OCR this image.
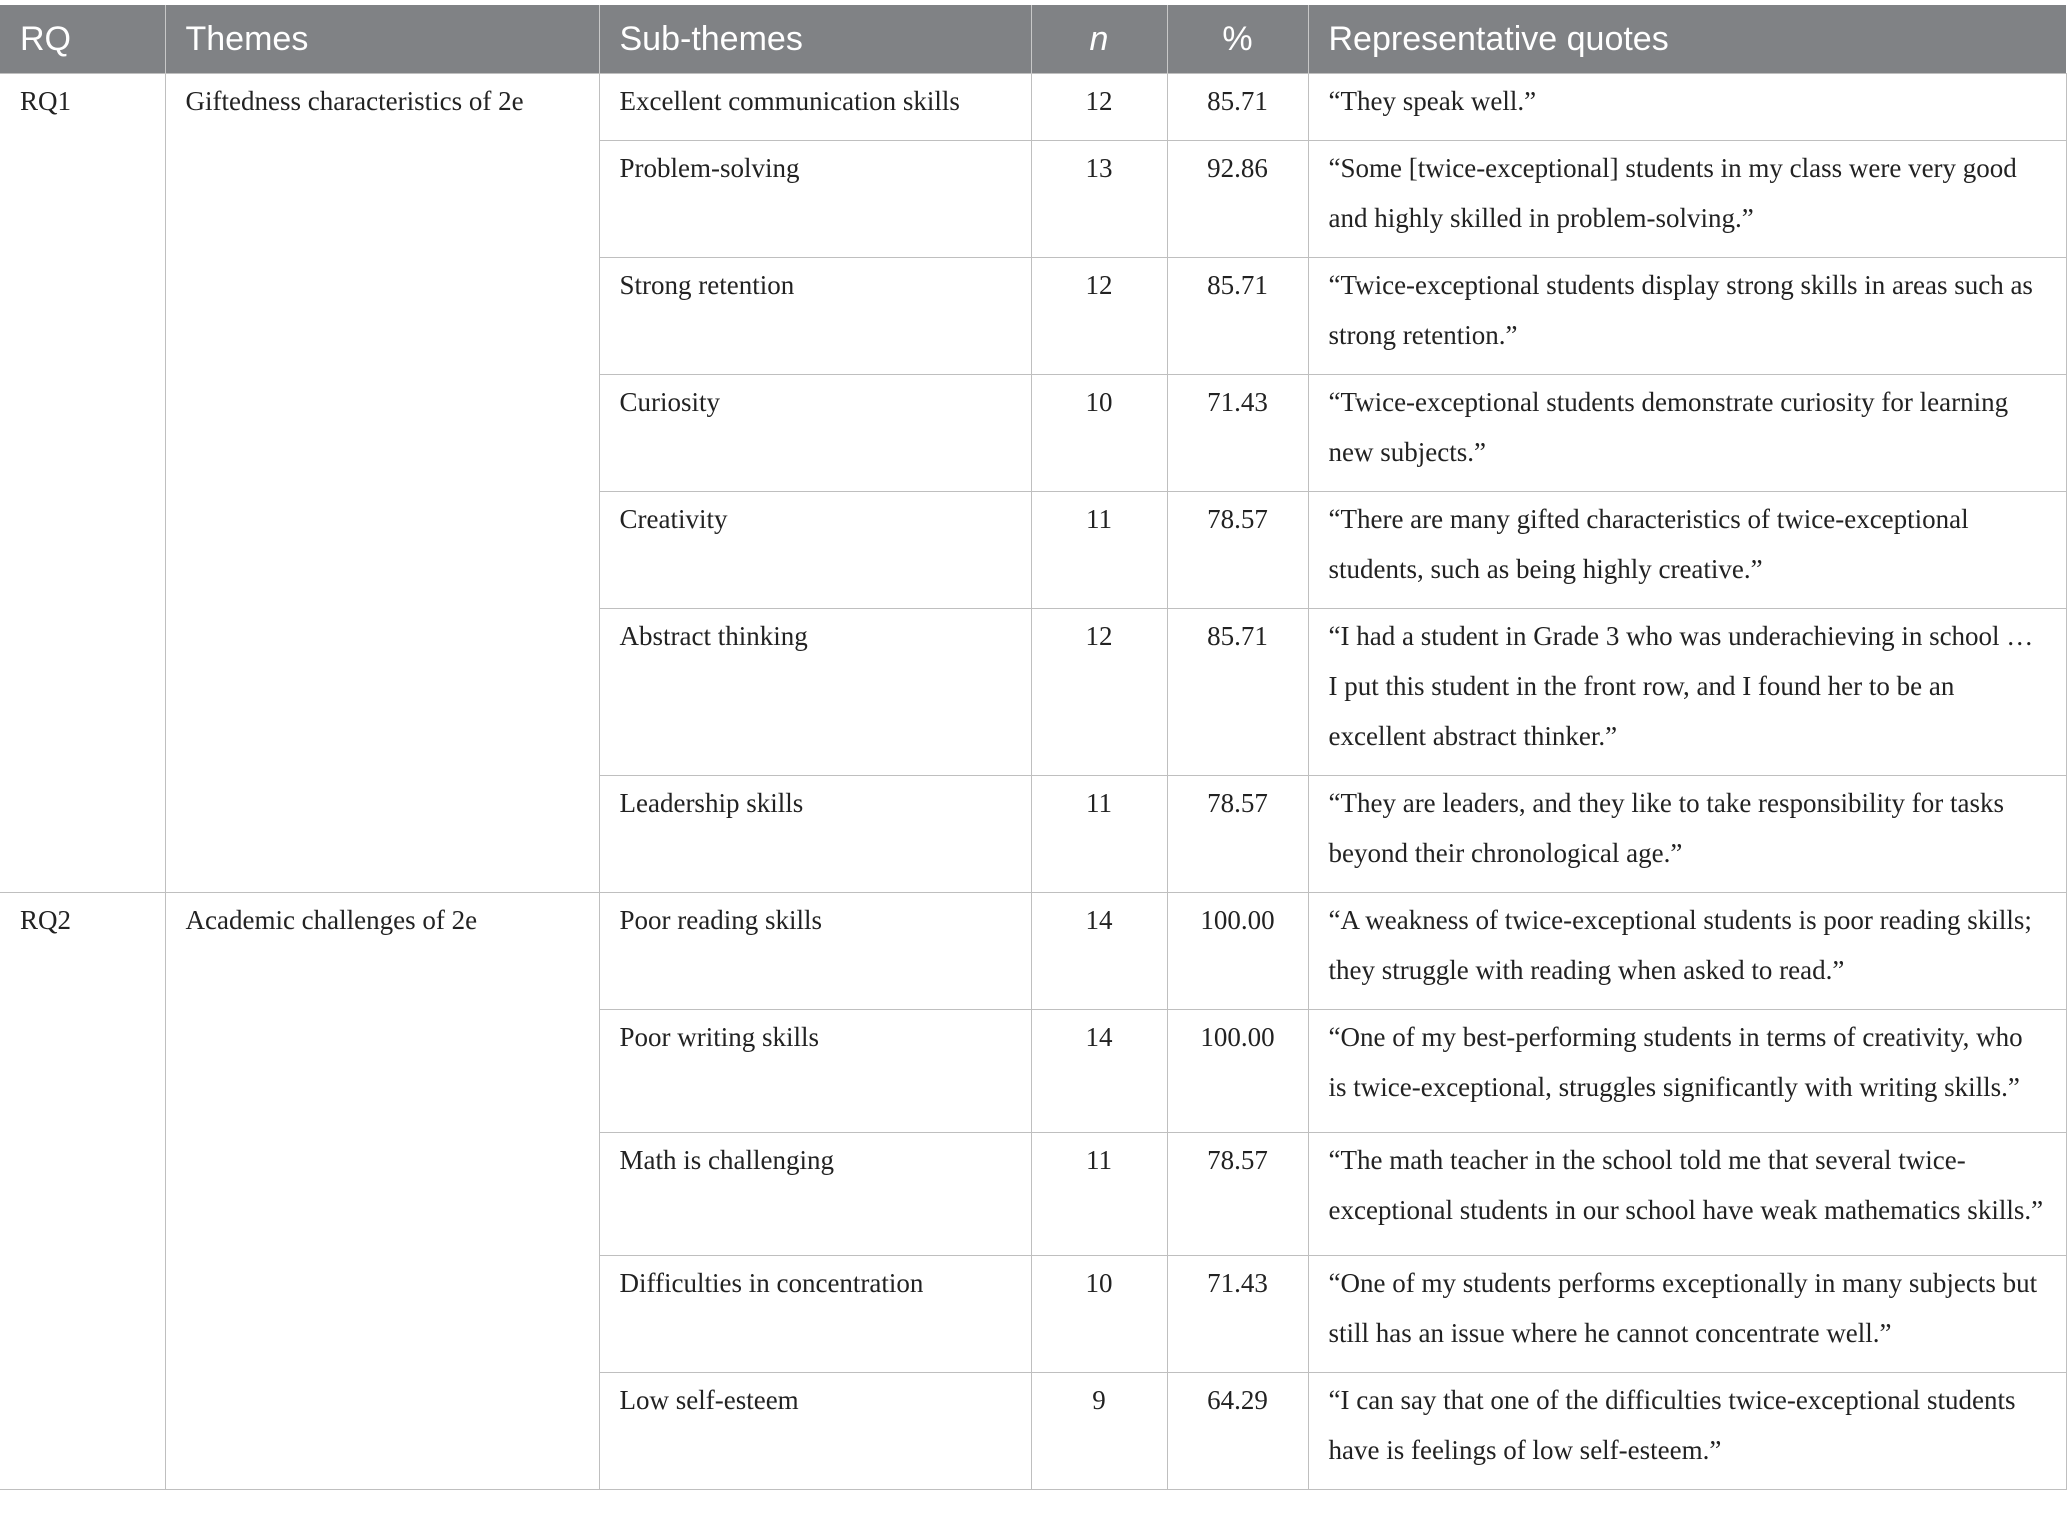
RQ	Themes	Sub-themes	n	%	Representative quotes

RQ1	Giftedness characteristics of 2e	Excellent communication skills	12	85.71	“They speak well.”

		Problem-solving	13	92.86	“Some [twice-exceptional] students in my class were very good and highly skilled in problem-solving.”

		Strong retention	12	85.71	“Twice-exceptional students display strong skills in areas such as strong retention.”

		Curiosity	10	71.43	“Twice-exceptional students demonstrate curiosity for learning new subjects.”

		Creativity	11	78.57	“There are many gifted characteristics of twice-exceptional students, such as being highly creative.”

		Abstract thinking	12	85.71	“I had a student in Grade 3 who was underachieving in school … I put this student in the front row, and I found her to be an excellent abstract thinker.”

		Leadership skills	11	78.57	“They are leaders, and they like to take responsibility for tasks beyond their chronological age.”

RQ2	Academic challenges of 2e	Poor reading skills	14	100.00	“A weakness of twice-exceptional students is poor reading skills; they struggle with reading when asked to read.”

		Poor writing skills	14	100.00	“One of my best-performing students in terms of creativity, who is twice-exceptional, struggles significantly with writing skills.”

		Math is challenging	11	78.57	“The math teacher in the school told me that several twice-exceptional students in our school have weak mathematics skills.”

		Difficulties in concentration	10	71.43	“One of my students performs exceptionally in many subjects but still has an issue where he cannot concentrate well.”

		Low self-esteem	9	64.29	“I can say that one of the difficulties twice-exceptional students have is feelings of low self-esteem.”
